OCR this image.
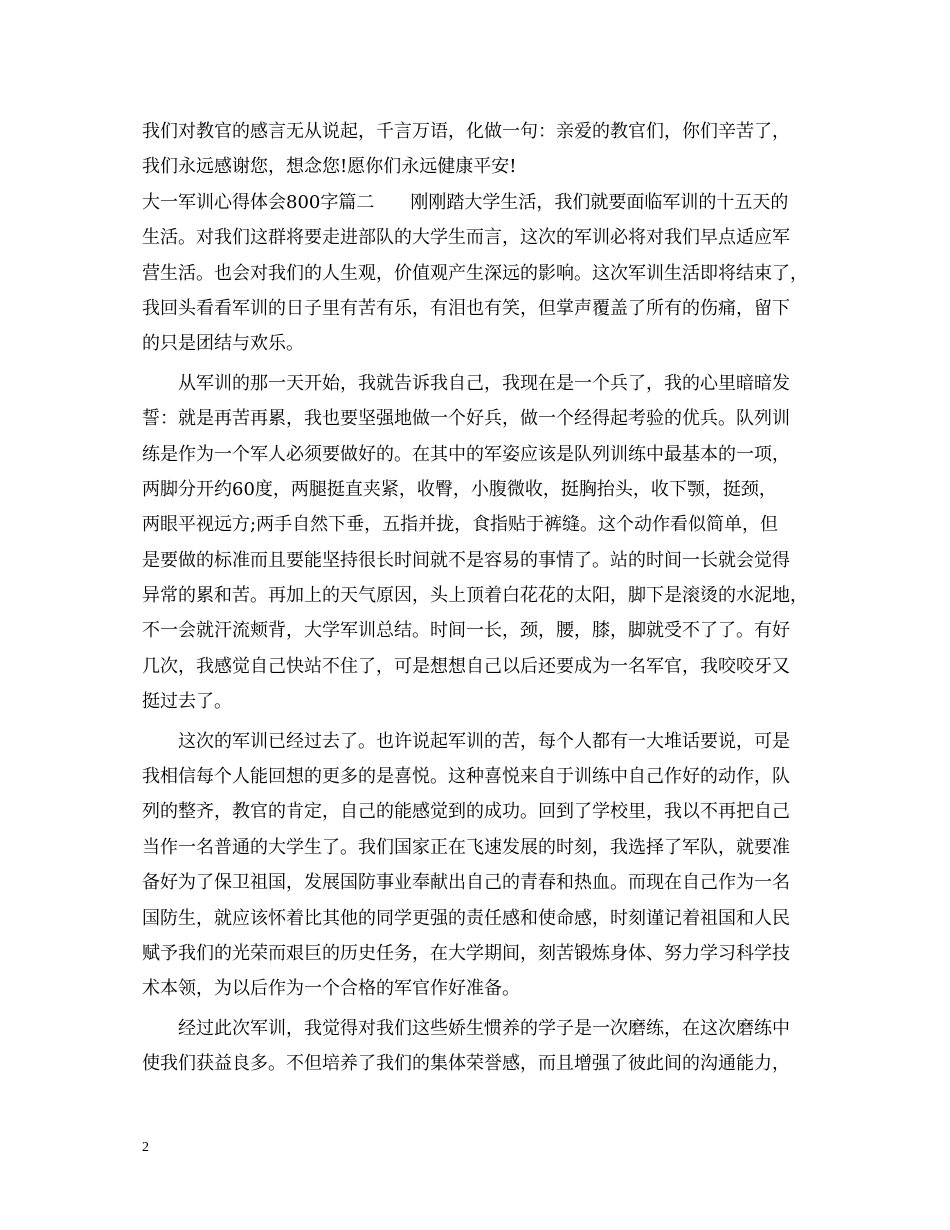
我们对教官的感言无从说起，千言万语，化做一句：亲爱的教官们，你们辛苦了，
我们永远感谢您，想念您!愿你们永远健康平安!
大一军训心得体会800字篇二　　刚刚踏大学生活，我们就要面临军训的十五天的
生活。对我们这群将要走进部队的大学生而言，这次的军训必将对我们早点适应军
营生活。也会对我们的人生观，价值观产生深远的影响。这次军训生活即将结束了，
我回头看看军训的日子里有苦有乐，有泪也有笑，但掌声覆盖了所有的伤痛，留下
的只是团结与欢乐。
从军训的那一天开始，我就告诉我自己，我现在是一个兵了，我的心里暗暗发
誓：就是再苦再累，我也要坚强地做一个好兵，做一个经得起考验的优兵。队列训
练是作为一个军人必须要做好的。在其中的军姿应该是队列训练中最基本的一项，
两脚分开约60度，两腿挺直夹紧，收臀，小腹微收，挺胸抬头，收下颚，挺颈，
两眼平视远方;两手自然下垂，五指并拢，食指贴于裤缝。这个动作看似简单，但
是要做的标准而且要能坚持很长时间就不是容易的事情了。站的时间一长就会觉得
异常的累和苦。再加上的天气原因，头上顶着白花花的太阳，脚下是滚烫的水泥地，
不一会就汗流颊背，大学军训总结。时间一长，颈，腰，膝，脚就受不了了。有好
几次，我感觉自己快站不住了，可是想想自己以后还要成为一名军官，我咬咬牙又
挺过去了。
这次的军训已经过去了。也许说起军训的苦，每个人都有一大堆话要说，可是
我相信每个人能回想的更多的是喜悦。这种喜悦来自于训练中自己作好的动作，队
列的整齐，教官的肯定，自己的能感觉到的成功。回到了学校里，我以不再把自己
当作一名普通的大学生了。我们国家正在飞速发展的时刻，我选择了军队，就要准
备好为了保卫祖国，发展国防事业奉献出自己的青春和热血。而现在自己作为一名
国防生，就应该怀着比其他的同学更强的责任感和使命感，时刻谨记着祖国和人民
赋予我们的光荣而艰巨的历史任务，在大学期间，刻苦锻炼身体、努力学习科学技
术本领，为以后作为一个合格的军官作好准备。
经过此次军训，我觉得对我们这些娇生惯养的学子是一次磨练，在这次磨练中
使我们获益良多。不但培养了我们的集体荣誉感，而且增强了彼此间的沟通能力，
2
